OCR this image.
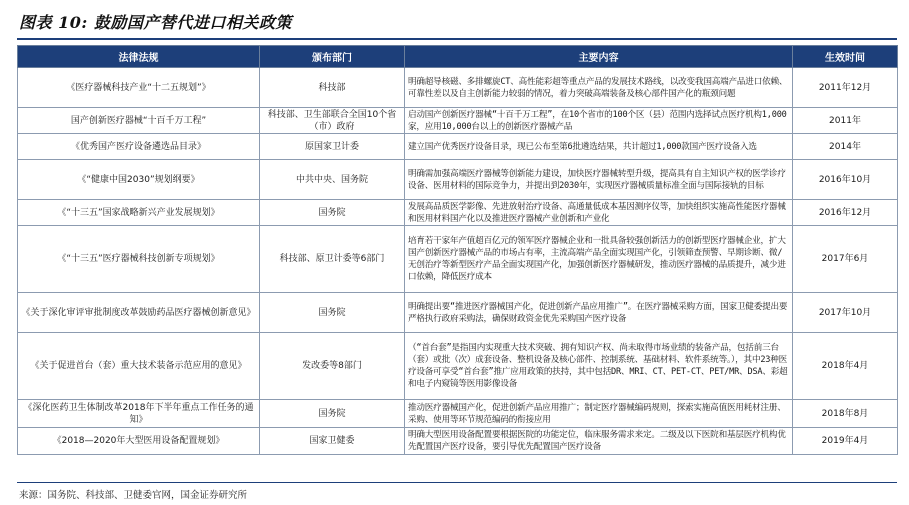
图表 10: 鼓励国产替代进口相关政策
法律法规	颁布部门	主要内容	生效时间
《医疗器械科技产业“十二五规划”》	科技部	明确超导核磁、多排螺旋CT、高性能彩超等重点产品的发展技术路线，以改变我国高端产品进口依赖、可靠性差以及自主创新能力较弱的情况，着力突破高端装备及核心部件国产化的瓶颈问题	2011年12月
国产创新医疗器械“十百千万工程”	科技部、卫生部联合全国10个省（市）政府	启动国产创新医疗器械“十百千万工程”，在10个省市的100个区（县）范围内选择试点医疗机构1,000家，应用10,000台以上的创新医疗器械产品	2011年
《优秀国产医疗设备遴选品目录》	原国家卫计委	建立国产优秀医疗设备目录，现已公布至第6批遴选结果，共计超过1,000款国产医疗设备入选	2014年
《“健康中国2030”规划纲要》	中共中央、国务院	明确需加强高端医疗器械等创新能力建设，加快医疗器械转型升级，提高具有自主知识产权的医学诊疗设备、医用材料的国际竞争力，并提出到2030年，实现医疗器械质量标准全面与国际接轨的目标	2016年10月
《“十三五”国家战略新兴产业发展规划》	国务院	发展高品质医学影像、先进放射治疗设备、高通量低成本基因测序仪等，加快组织实施高性能医疗器械和医用材料国产化以及推进医疗器械产业创新和产业化	2016年12月
《“十三五”医疗器械科技创新专项规划》	科技部、原卫计委等6部门	培育若干家年产值超百亿元的领军医疗器械企业和一批具备较强创新活力的创新型医疗器械企业，扩大国产创新医疗器械产品的市场占有率，主流高端产品全面实现国产化，引领筛查预警、早期诊断、微/无创治疗等新型医疗产品全面实现国产化，加强创新医疗器械研发，推动医疗器械的品质提升，减少进口依赖，降低医疗成本	2017年6月
《关于深化审评审批制度改革鼓励药品医疗器械创新意见》	国务院	明确提出要“推进医疗器械国产化，促进创新产品应用推广”。在医疗器械采购方面，国家卫健委提出要严格执行政府采购法，确保财政资金优先采购国产医疗设备	2017年10月
《关于促进首台（套）重大技术装备示范应用的意见》	发改委等8部门	（“首台套”是指国内实现重大技术突破、拥有知识产权、尚未取得市场业绩的装备产品，包括前三台（套）或批（次）成套设备、整机设备及核心部件、控制系统、基础材料、软件系统等。），其中23种医疗设备可享受“首台套”推广应用政策的扶持，其中包括DR、MRI、CT、PET-CT、PET/MR、DSA、彩超和电子内窥镜等医用影像设备	2018年4月
《深化医药卫生体制改革2018年下半年重点工作任务的通知》	国务院	推动医疗器械国产化，促进创新产品应用推广；制定医疗器械编码规则，探索实施高值医用耗材注册、采购、使用等环节规范编码的衔接应用	2018年8月
《2018—2020年大型医用设备配置规划》	国家卫健委	明确大型医用设备配置要根据医院的功能定位，临床服务需求来定。二级及以下医院和基层医疗机构优先配置国产医疗设备，要引导优先配置国产医疗设备	2019年4月
来源：国务院、科技部、卫健委官网，国金证券研究所
